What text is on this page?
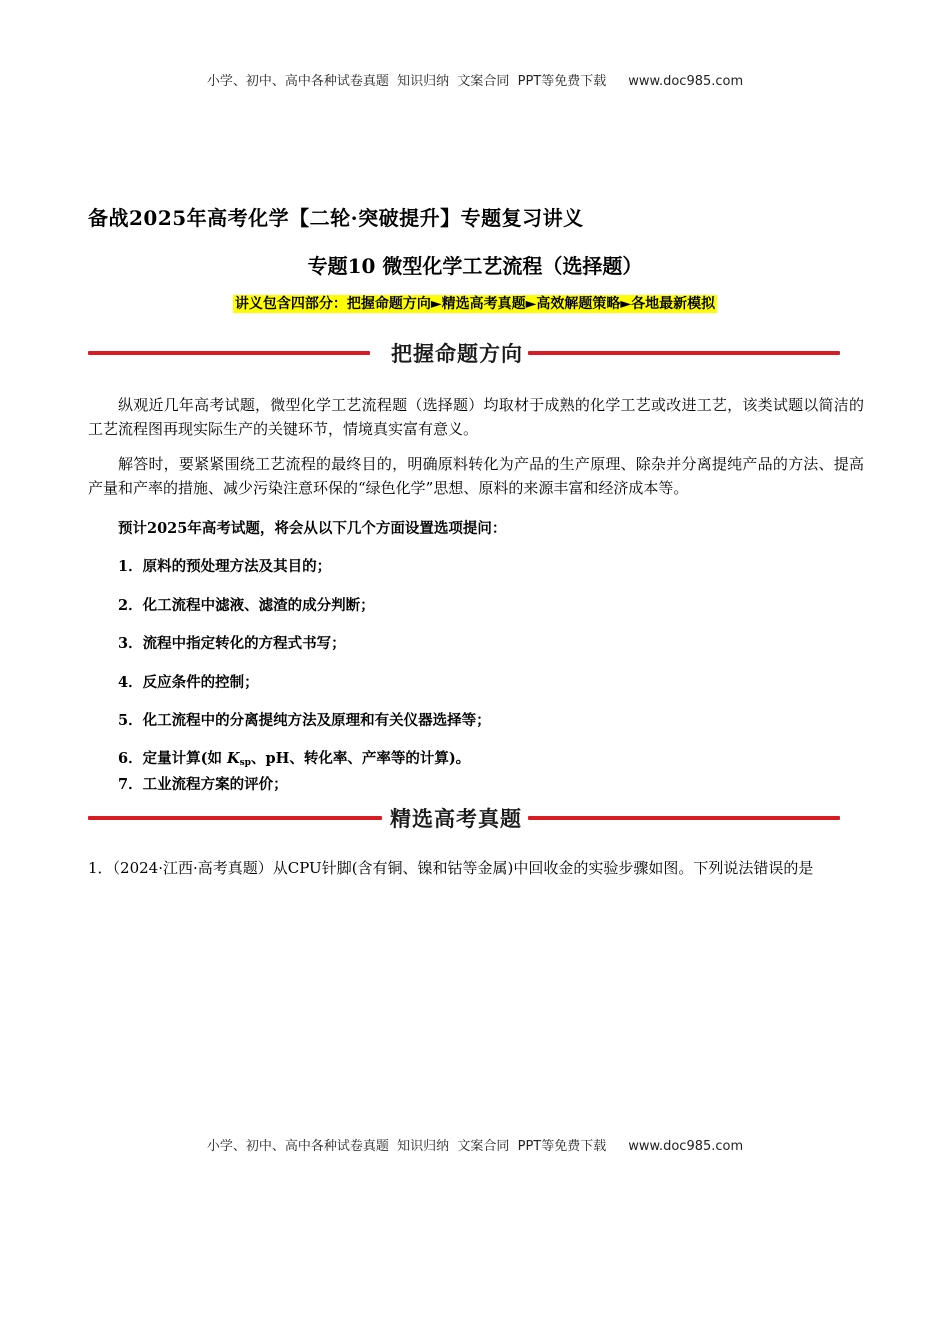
小学、初中、高中各种试卷真题  知识归纳  文案合同  PPT等免费下载 www.doc985.com
备战2025年高考化学【二轮·突破提升】专题复习讲义
专题10 微型化学工艺流程（选择题）
讲义包含四部分：把握命题方向►精选高考真题►高效解题策略►各地最新模拟
把握命题方向
纵观近几年高考试题，微型化学工艺流程题（选择题）均取材于成熟的化学工艺或改进工艺，该类试题以简洁的工艺流程图再现实际生产的关键环节，情境真实富有意义。
解答时，要紧紧围绕工艺流程的最终目的，明确原料转化为产品的生产原理、除杂并分离提纯产品的方法、提高产量和产率的措施、减少污染注意环保的“绿色化学”思想、原料的来源丰富和经济成本等。
预计2025年高考试题，将会从以下几个方面设置选项提问：
1．原料的预处理方法及其目的；
2．化工流程中滤液、滤渣的成分判断；
3．流程中指定转化的方程式书写；
4．反应条件的控制；
5．化工流程中的分离提纯方法及原理和有关仪器选择等；
6．定量计算(如 $K_{sp}$、pH、转化率、产率等的计算)。
7．工业流程方案的评价；
精选高考真题
1．（2024·江西·高考真题）从CPU针脚(含有铜、镍和钴等金属)中回收金的实验步骤如图。下列说法错误的是
小学、初中、高中各种试卷真题  知识归纳  文案合同  PPT等免费下载 www.doc985.com
